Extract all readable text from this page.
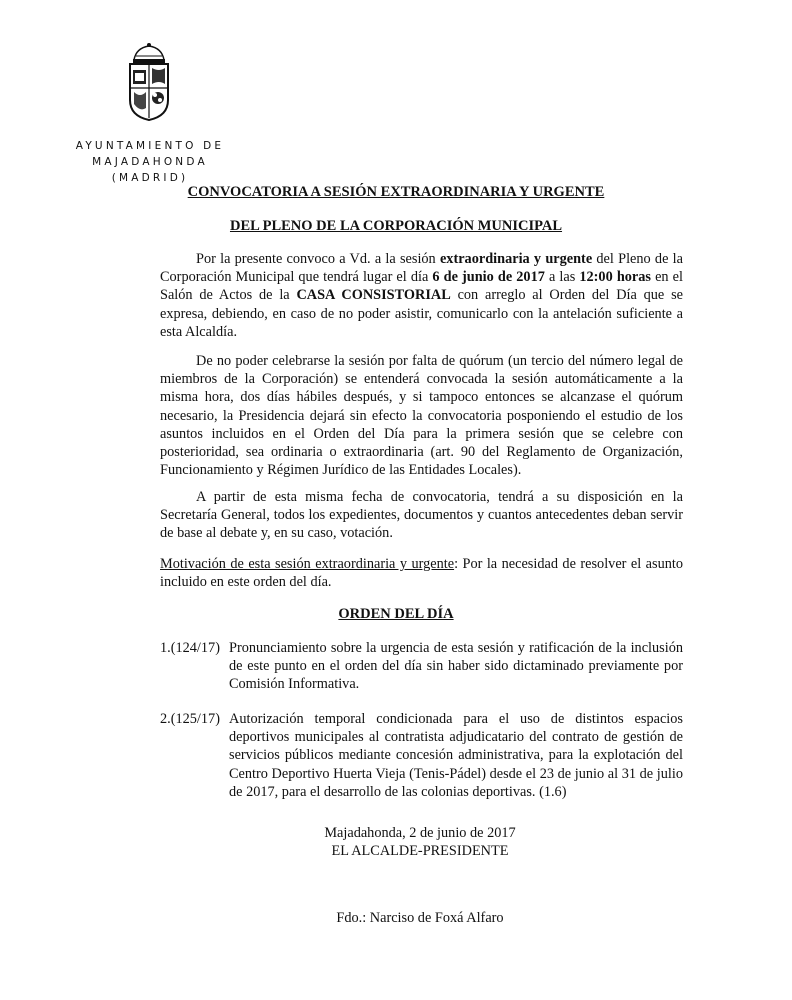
AYUNTAMIENTO DE
MAJADAHONDA
(MADRID)
CONVOCATORIA A SESIÓN EXTRAORDINARIA Y URGENTE
DEL PLENO DE LA CORPORACIÓN MUNICIPAL

Por la presente convoco a Vd. a la sesión extraordinaria y urgente del Pleno de la Corporación Municipal que tendrá lugar el día 6 de junio de 2017 a las 12:00 horas en el Salón de Actos de la CASA CONSISTORIAL con arreglo al Orden del Día que se expresa, debiendo, en caso de no poder asistir, comunicarlo con la antelación suficiente a esta Alcaldía.

De no poder celebrarse la sesión por falta de quórum (un tercio del número legal de miembros de la Corporación) se entenderá convocada la sesión automáticamente a la misma hora, dos días hábiles después, y si tampoco entonces se alcanzase el quórum necesario, la Presidencia dejará sin efecto la convocatoria posponiendo el estudio de los asuntos incluidos en el Orden del Día para la primera sesión que se celebre con posterioridad, sea ordinaria o extraordinaria (art. 90 del Reglamento de Organización, Funcionamiento y Régimen Jurídico de las Entidades Locales).

A partir de esta misma fecha de convocatoria, tendrá a su disposición en la Secretaría General, todos los expedientes, documentos y cuantos antecedentes deban servir de base al debate y, en su caso, votación.

Motivación de esta sesión extraordinaria y urgente: Por la necesidad de resolver el asunto incluido en este orden del día.

ORDEN DEL DÍA
1.(124/17) Pronunciamiento sobre la urgencia de esta sesión y ratificación de la inclusión de este punto en el orden del día sin haber sido dictaminado previamente por Comisión Informativa.
2.(125/17) Autorización temporal condicionada para el uso de distintos espacios deportivos municipales al contratista adjudicatario del contrato de gestión de servicios públicos mediante concesión administrativa, para la explotación del Centro Deportivo Huerta Vieja (Tenis-Pádel) desde el 23 de junio al 31 de julio de 2017, para el desarrollo de las colonias deportivas. (1.6)
Majadahonda, 2 de junio de 2017
EL ALCALDE-PRESIDENTE
Fdo.: Narciso de Foxá Alfaro
